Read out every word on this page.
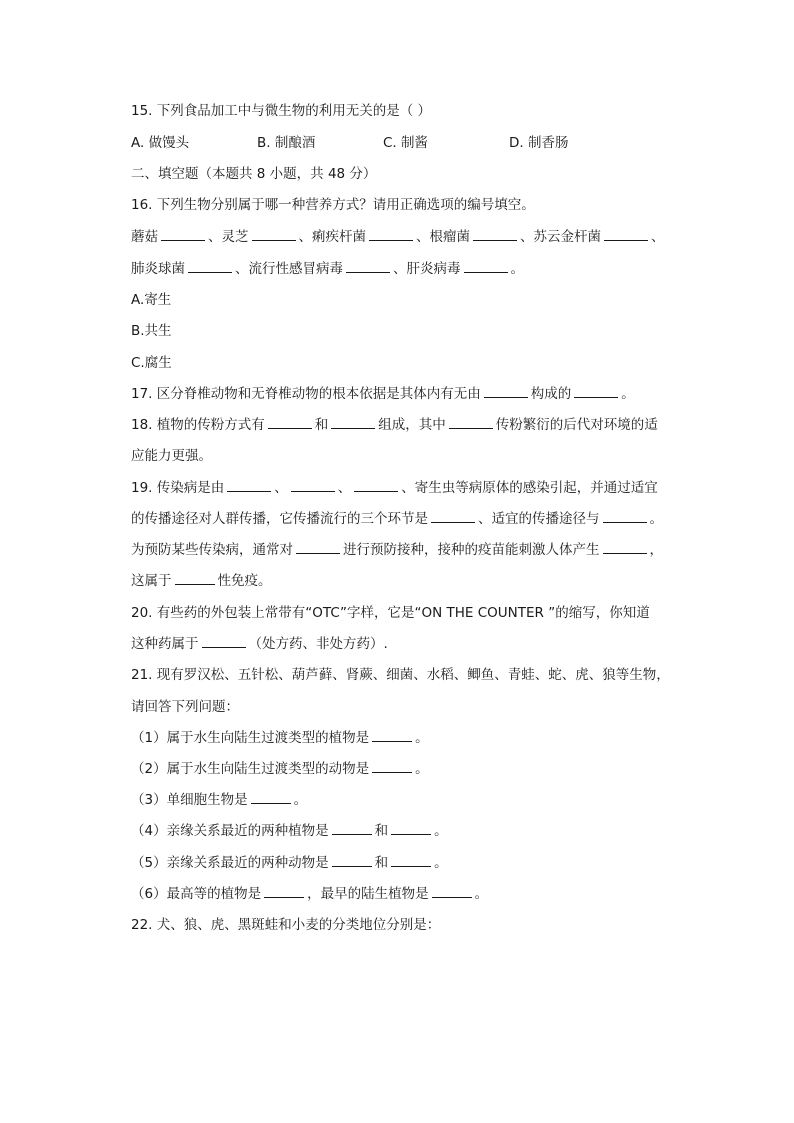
15. 下列食品加工中与微生物的利用无关的是（ ）
A. 做馒头	B. 制酿酒	C. 制酱	D. 制香肠
二、填空题（本题共 8 小题，共 48 分）
16. 下列生物分别属于哪一种营养方式？请用正确选项的编号填空。
蘑菇	、灵芝	、痢疾杆菌	、根瘤菌	、苏云金杆菌	、
肺炎球菌	、流行性感冒病毒	、肝炎病毒	。
A.寄生
B.共生
C.腐生
17. 区分脊椎动物和无脊椎动物的根本依据是其体内有无由	构成的	。
18. 植物的传粉方式有	和	组成，其中	传粉繁衍的后代对环境的适
应能力更强。
19. 传染病是由	、	、	、寄生虫等病原体的感染引起，并通过适宜
的传播途径对人群传播，它传播流行的三个环节是	、适宜的传播途径与	。
为预防某些传染病，通常对	进行预防接种，接种的疫苗能刺激人体产生	，
这属于	性免疫。
20. 有些药的外包装上常带有“OTC”字样，它是“ON THE COUNTER ”的缩写，你知道
这种药属于	（处方药、非处方药）.
21. 现有罗汉松、五针松、葫芦藓、肾蕨、细菌、水稻、鲫鱼、青蛙、蛇、虎、狼等生物，
请回答下列问题：
（1）属于水生向陆生过渡类型的植物是	。
（2）属于水生向陆生过渡类型的动物是	。
（3）单细胞生物是	。
（4）亲缘关系最近的两种植物是	和	。
（5）亲缘关系最近的两种动物是	和	。
（6）最高等的植物是	，最早的陆生植物是	。
22. 犬、狼、虎、黑斑蛙和小麦的分类地位分别是：
